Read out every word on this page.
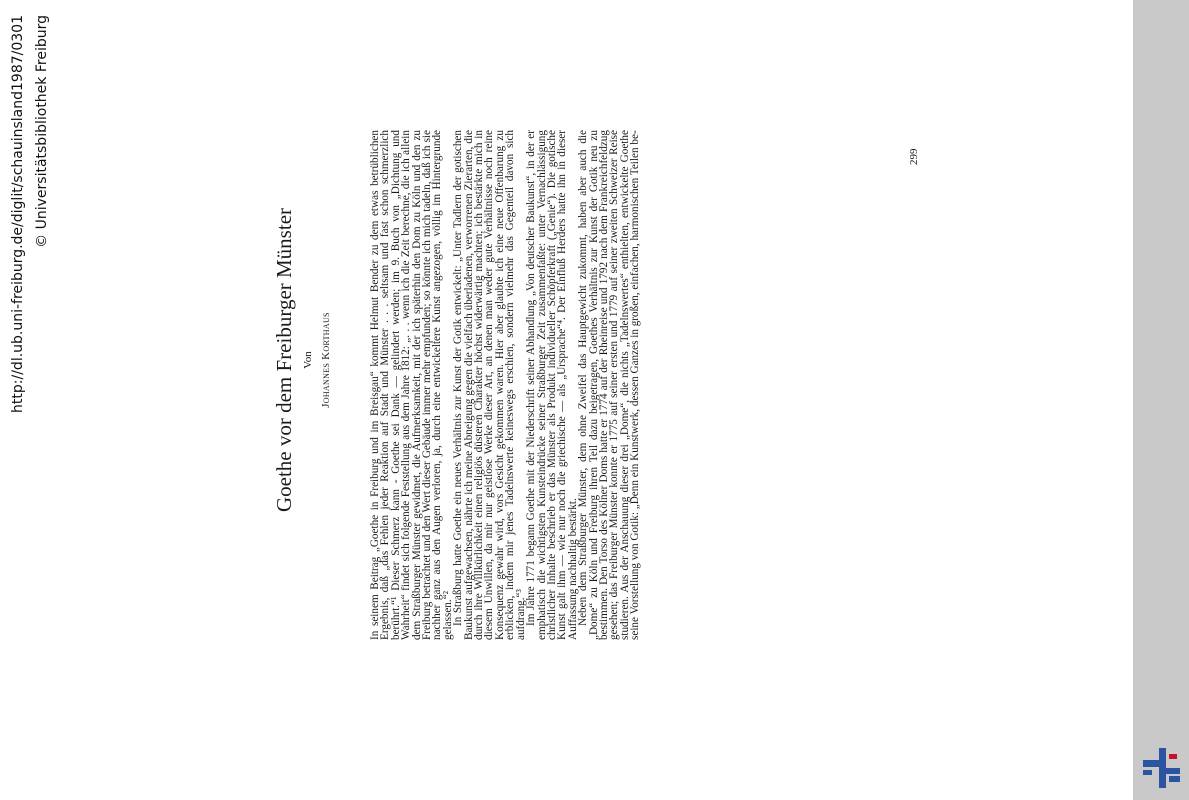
Goethe vor dem Freiburger Münster Von Johannes Korthaus	In seinem Beitrag „Goethe in Freiburg und im Breisgau“ kommt Helmut Bender zu dem etwas betrüblichen Ergebnis, daß „das Fehlen jeder Reaktion auf Stadt und Münster . . . seltsam und fast schon schmerzlich berührt.“¹ Dieser Schmerz kann - Goethe sei Dank — gelindert werden; im 9. Buch von „Dichtung und Wahrheit“ findet sich folgende Feststellung aus dem Jahre 1812: „. . . wenn ich die Zeit berechne, die ich allein dem Straßburger Münster gewidmet, die Aufmerksamkeit, mit der ich späterhin den Dom zu Köln und den zu Freiburg betrachtet und den Wert dieser Gebäude immer mehr empfunden; so könnte ich mich tadeln, daß ich sie nachher ganz aus den Augen verloren, ja, durch eine entwickeltere Kunst angezogen, völlig im Hintergrunde gelassen.“²

In Straßburg hatte Goethe ein neues Verhältnis zur Kunst der Gotik entwickelt: „Unter Tadlern der gotischen Baukunst aufgewachsen, nährte ich meine Abneigung gegen die vielfach überladenen, verworrenen Zierarten, die durch ihre Willkürlichkeit einen religiös düsteren Charakter höchst widerwärtig machten; ich bestärkte mich in diesem Unwillen, da mir nur geistlose Werke dieser Art, an denen man weder gute Verhältnisse noch reine Konsequenz gewahr wird, vors Gesicht gekommen waren. Hier aber glaubte ich eine neue Offenbarung zu erblicken, indem mir jenes Tadelnswerte keineswegs erschien, sondern vielmehr das Gegenteil davon sich aufdrang.“³

Im Jahre 1771 begann Goethe mit der Niederschrift seiner Abhandlung „Von deutscher Baukunst“, in der er emphatisch die wichtigsten Kunsteindrücke seiner Straßburger Zeit zusammenfaßte: unter Vernachlässigung christlicher Inhalte beschrieb er das Münster als Produkt individueller Schöpferkraft („Genie“). Die gotische Kunst galt ihm — wie nur noch die griechische — als „Ursprache“⁴. Der Einfluß Herders hatte ihn in dieser Auffassung nachhaltig bestärkt.

Neben dem Straßburger Münster, dem ohne Zweifel das Hauptgewicht zukommt, haben aber auch die „Dome“ zu Köln und Freiburg ihren Teil dazu beigetragen, Goethes Verhältnis zur Kunst der Gotik neu zu bestimmen. Den Torso des Kölner Doms hatte er 1774 auf der Rheinreise und 1792 nach dem Frankreichfeldzug gesehen; das Freiburger Münster konnte er 1775 auf seiner ersten und 1779 auf seiner zweiten Schweizer Reise studieren. Aus der Anschauung dieser drei „Dome“, die nichts „Tadelnswertes“ enthielten, entwickelte Goethe seine Vorstellung von Gotik: „Denn ein Kunstwerk, dessen Ganzes in großen, einfachen, harmonischen Teilen be-	299
http://dl.ub.uni-freiburg.de/diglit/schauinsland1987/0301 © Universitätsbibliothek Freiburg
